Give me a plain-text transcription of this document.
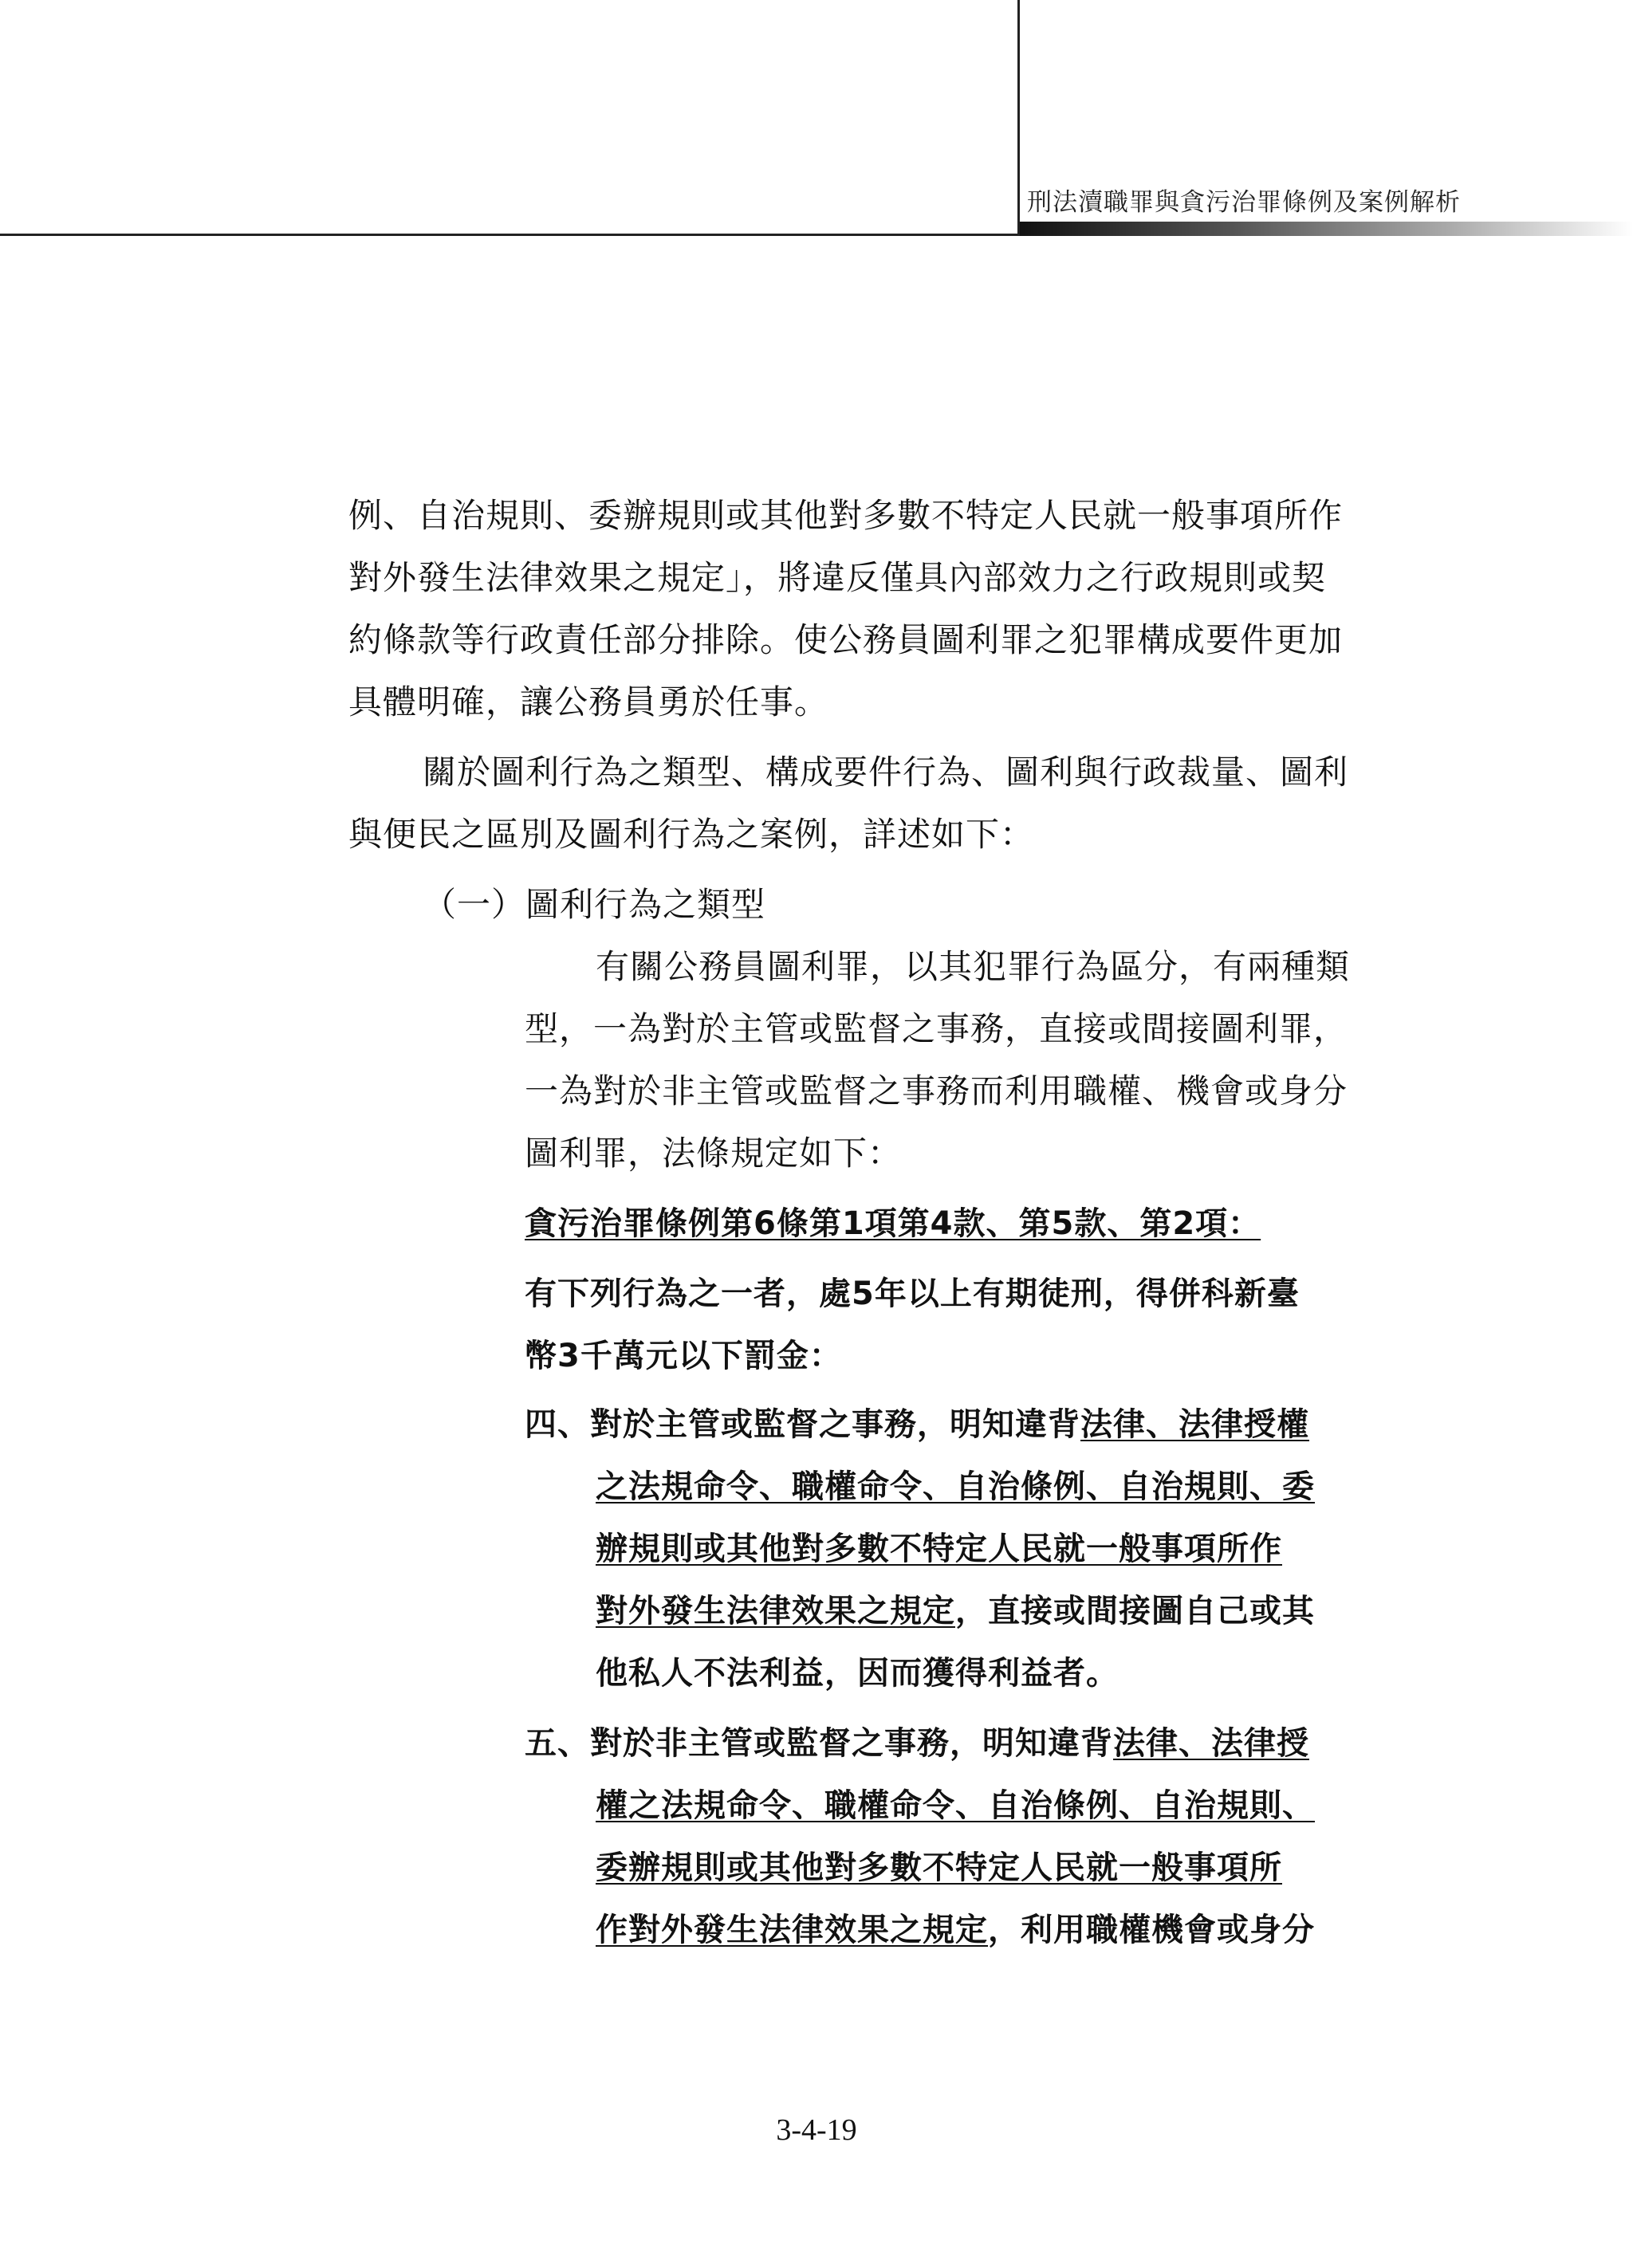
刑法瀆職罪與貪污治罪條例及案例解析
例、自治規則、委辦規則或其他對多數不特定人民就一般事項所作
對外發生法律效果之規定」，將違反僅具內部效力之行政規則或契
約條款等行政責任部分排除。使公務員圖利罪之犯罪構成要件更加
具體明確，讓公務員勇於任事。
關於圖利行為之類型、構成要件行為、圖利與行政裁量、圖利
與便民之區別及圖利行為之案例，詳述如下：
（一）圖利行為之類型
有關公務員圖利罪，以其犯罪行為區分，有兩種類
型，一為對於主管或監督之事務，直接或間接圖利罪，
一為對於非主管或監督之事務而利用職權、機會或身分
圖利罪，法條規定如下：
貪污治罪條例第6條第1項第4款、第5款、第2項：
有下列行為之一者，處5年以上有期徒刑，得併科新臺
幣3千萬元以下罰金：
四、對於主管或監督之事務，明知違背法律、法律授權
之法規命令、職權命令、自治條例、自治規則、委
辦規則或其他對多數不特定人民就一般事項所作
對外發生法律效果之規定，直接或間接圖自己或其
他私人不法利益，因而獲得利益者。
五、對於非主管或監督之事務，明知違背法律、法律授
權之法規命令、職權命令、自治條例、自治規則、
委辦規則或其他對多數不特定人民就一般事項所
作對外發生法律效果之規定，利用職權機會或身分
3-4-19
